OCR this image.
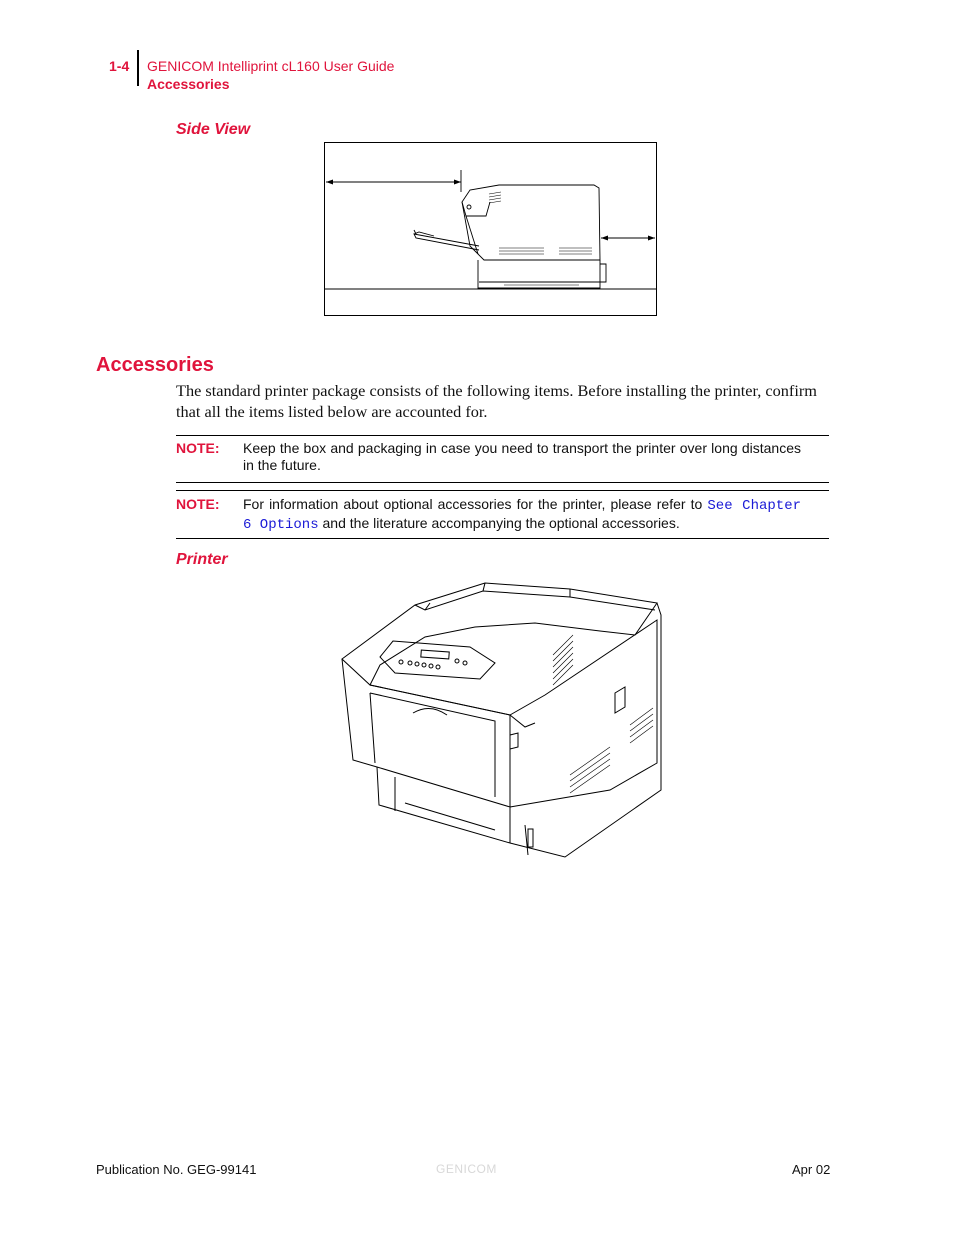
1-4 GENICOM Intelliprint cL160 User Guide
Accessories
Side View
Accessories
The standard printer package consists of the following items. Before installing the printer, confirm that all the items listed below are accounted for.
NOTE: Keep the box and packaging in case you need to transport the printer over long distances in the future.
NOTE: For information about optional accessories for the printer, please refer to See Chapter 6 Options and the literature accompanying the optional accessories.
Printer
Publication No. GEG-99141	GENICOM	Apr 02
